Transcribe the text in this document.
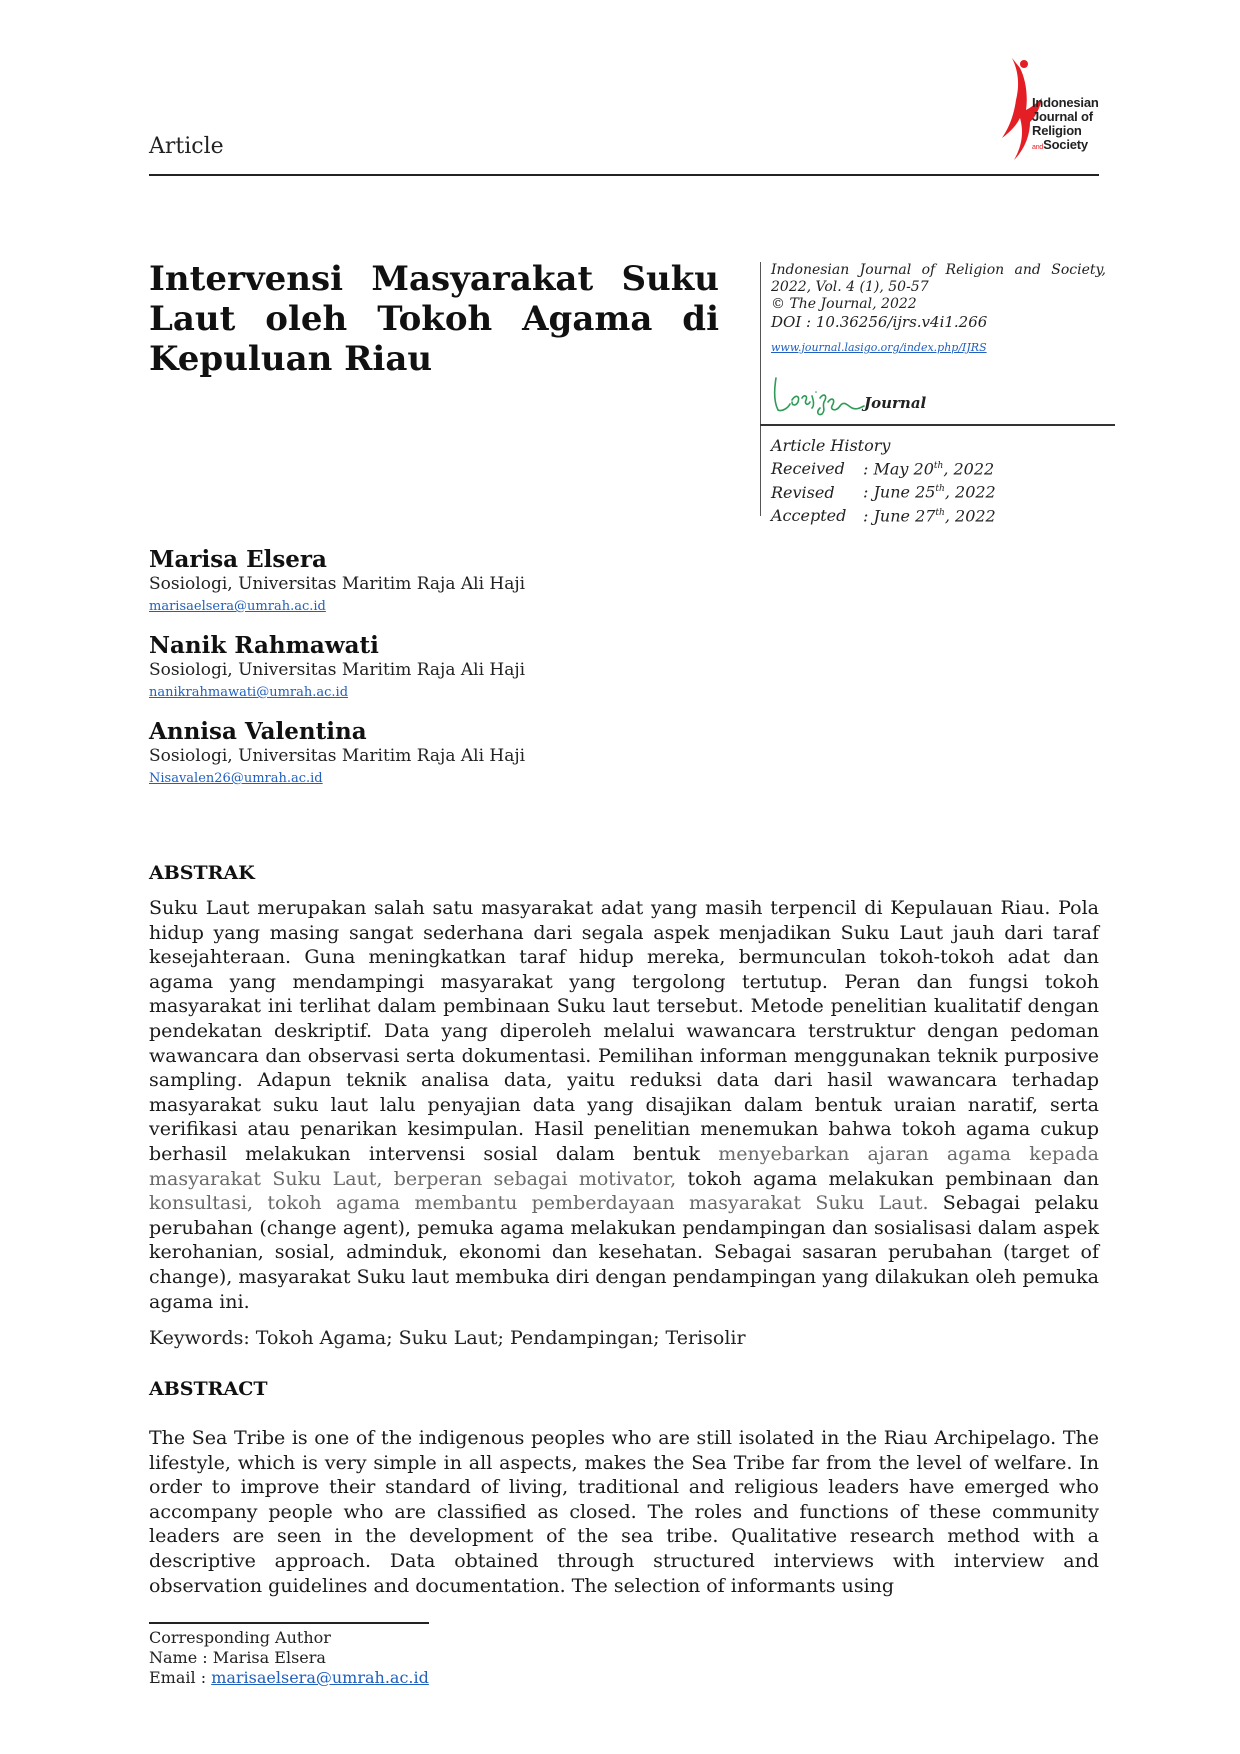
Article
Indonesian
Journal of
Religion
andSociety
Intervensi Masyarakat Suku Laut oleh Tokoh Agama di Kepuluan Riau
Indonesian Journal of Religion and Society, 2022, Vol. 4 (1), 50-57
© The Journal, 2022
DOI : 10.36256/ijrs.v4i1.266
www.journal.lasigo.org/index.php/IJRS
Journal
Article History
Received : May 20th, 2022
Revised : June 25th, 2022
Accepted : June 27th, 2022
Marisa Elsera
Sosiologi, Universitas Maritim Raja Ali Haji
marisaelsera@umrah.ac.id
Nanik Rahmawati
Sosiologi, Universitas Maritim Raja Ali Haji
nanikrahmawati@umrah.ac.id
Annisa Valentina
Sosiologi, Universitas Maritim Raja Ali Haji
Nisavalen26@umrah.ac.id
ABSTRAK

Suku Laut merupakan salah satu masyarakat adat yang masih terpencil di Kepulauan Riau. Pola hidup yang masing sangat sederhana dari segala aspek menjadikan Suku Laut jauh dari taraf kesejahteraan. Guna meningkatkan taraf hidup mereka, bermunculan tokoh-tokoh adat dan agama yang mendampingi masyarakat yang tergolong tertutup. Peran dan fungsi tokoh masyarakat ini terlihat dalam pembinaan Suku laut tersebut. Metode penelitian kualitatif dengan pendekatan deskriptif. Data yang diperoleh melalui wawancara terstruktur dengan pedoman wawancara dan observasi serta dokumentasi. Pemilihan informan menggunakan teknik purposive sampling. Adapun teknik analisa data, yaitu reduksi data dari hasil wawancara terhadap masyarakat suku laut lalu penyajian data yang disajikan dalam bentuk uraian naratif, serta verifikasi atau penarikan kesimpulan. Hasil penelitian menemukan bahwa tokoh agama cukup berhasil melakukan intervensi sosial dalam bentuk menyebarkan ajaran agama kepada masyarakat Suku Laut, berperan sebagai motivator, tokoh agama melakukan pembinaan dan konsultasi, tokoh agama membantu pemberdayaan masyarakat Suku Laut. Sebagai pelaku perubahan (change agent), pemuka agama melakukan pendampingan dan sosialisasi dalam aspek kerohanian, sosial, adminduk, ekonomi dan kesehatan. Sebagai sasaran perubahan (target of change), masyarakat Suku laut membuka diri dengan pendampingan yang dilakukan oleh pemuka agama ini.

Keywords: Tokoh Agama; Suku Laut; Pendampingan; Terisolir
ABSTRACT

The Sea Tribe is one of the indigenous peoples who are still isolated in the Riau Archipelago. The lifestyle, which is very simple in all aspects, makes the Sea Tribe far from the level of welfare. In order to improve their standard of living, traditional and religious leaders have emerged who accompany people who are classified as closed. The roles and functions of these community leaders are seen in the development of the sea tribe. Qualitative research method with a descriptive approach. Data obtained through structured interviews with interview and observation guidelines and documentation. The selection of informants using

Corresponding Author
Name : Marisa Elsera
Email : marisaelsera@umrah.ac.id
